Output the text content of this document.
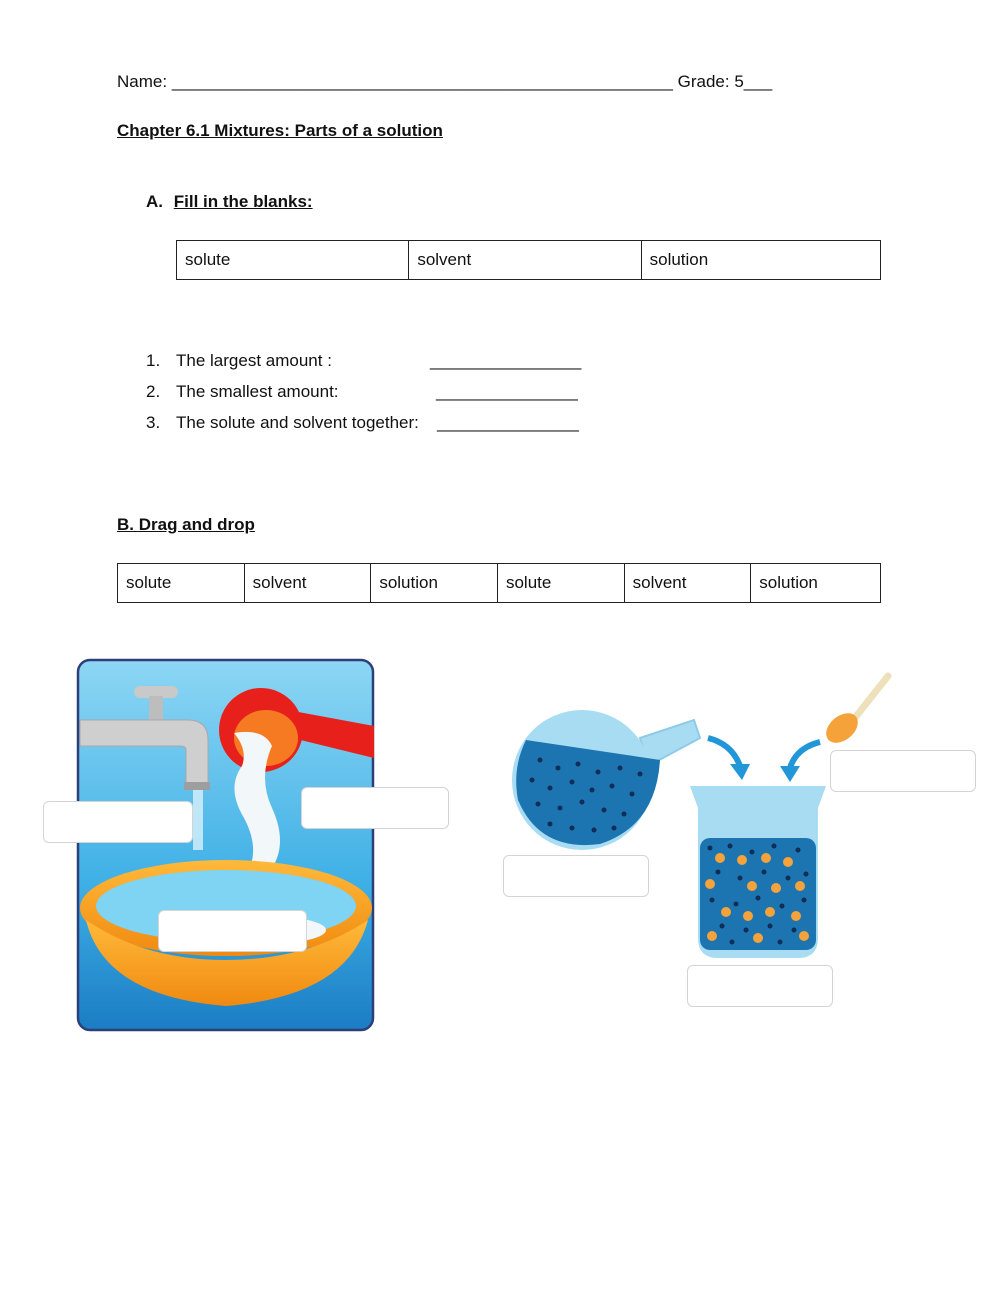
Name: _____________________________________________________ Grade: 5___
Chapter 6.1 Mixtures: Parts of a solution
A. Fill in the blanks:
solute	solvent	solution
1. The largest amount :	________________
2. The smallest amount:	_______________
3. The solute and solvent together: _______________
B. Drag and drop
solute	solvent	solution	solute	solvent	solution
